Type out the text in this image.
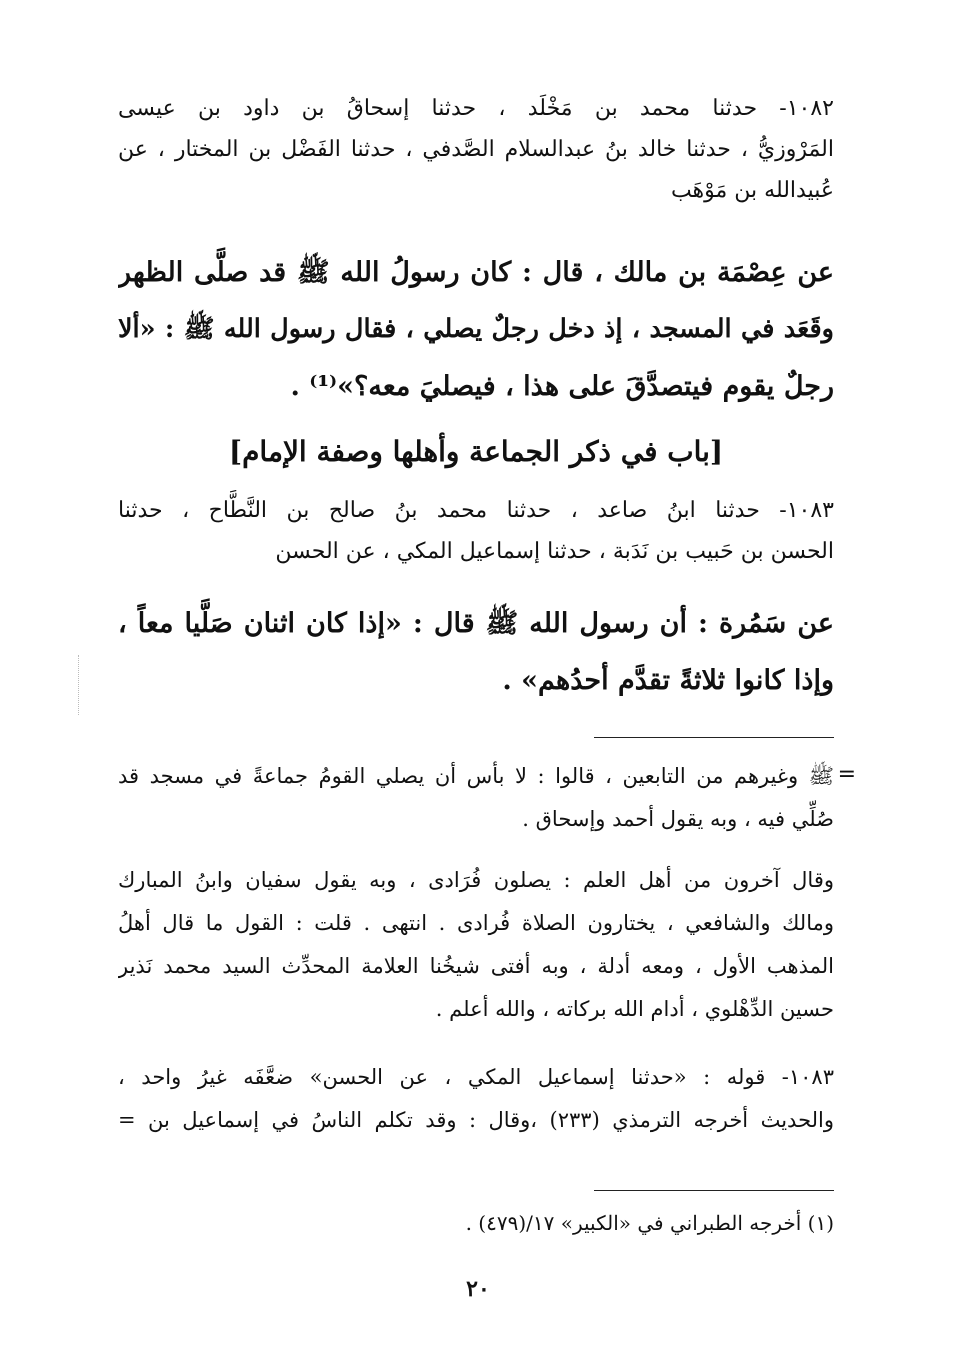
١٠٨٢- حدثنا محمد بن مَخْلَد ، حدثنا إسحاقُ بن داود بن عيسى
المَرْوزيُّ ، حدثنا خالد بنُ عبدالسلام الصَّدفي ، حدثنا الفَضْل بن المختار ، عن
عُبيدالله بن مَوْهَب
عن عِصْمَة بن مالك ، قال : كان رسولُ الله ﷺ قد صلَّى الظهر
وقَعَد في المسجد ، إذ دخل رجلٌ يصلي ، فقال رسول الله ﷺ : «ألا
رجلٌ يقوم فيتصدَّقَ على هذا ، فيصليَ معه؟»⁽¹⁾ .
[باب في ذكر الجماعة وأهلها وصفة الإمام]
١٠٨٣- حدثنا ابنُ صاعد ، حدثنا محمد بنُ صالح بن النَّطَّاح ، حدثنا
الحسن بن حَبيب بن نَدَبة ، حدثنا إسماعيل المكي ، عن الحسن
عن سَمُرة : أن رسول الله ﷺ قال : «إذا كان اثنان صَلَّيا معاً ،
وإذا كانوا ثلاثةً تقدَّم أحدُهم» .
=
ﷺ وغيرهم من التابعين ، قالوا : لا بأس أن يصلي القومُ جماعةً في مسجد قد
صُلِّي فيه ، وبه يقول أحمد وإسحاق .
وقال آخرون من أهل العلم : يصلون فُرَادى ، وبه يقول سفيان وابنُ المبارك
ومالك والشافعي ، يختارون الصلاة فُرادى . انتهى . قلت : القول ما قال أهلُ
المذهب الأول ، ومعه أدلة ، وبه أفتى شيخُنا العلامة المحدِّث السيد محمد نَذير
حسين الدِّهْلوي ، أدام الله بركاته ، والله أعلم .
١٠٨٣- قوله : «حدثنا إسماعيل المكي ، عن الحسن» ضعَّفَه غيرُ واحد ،
والحديث أخرجه الترمذي (٢٣٣) ،وقال : وقد تكلم الناسُ في إسماعيل بن =
(١) أخرجه الطبراني في «الكبير» ١٧/(٤٧٩) .
٢٠
